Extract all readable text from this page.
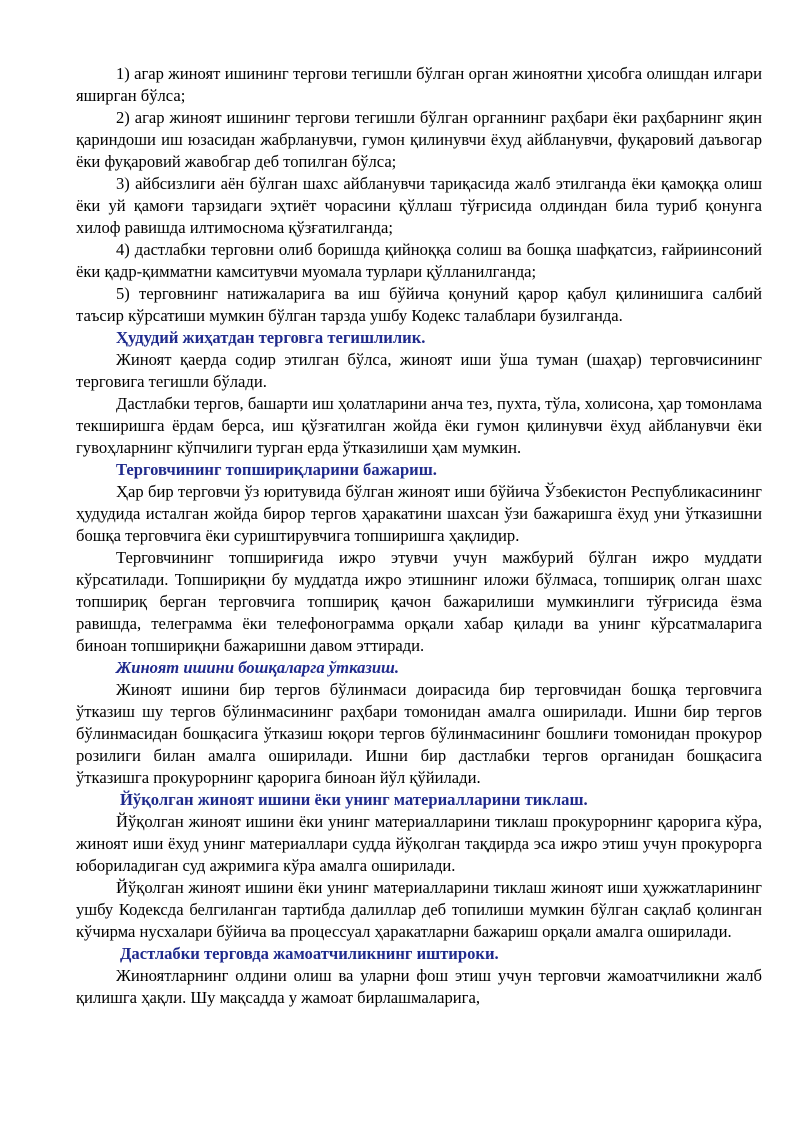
1) агар жиноят ишининг тергови тегишли бўлган орган жиноятни ҳисобга олишдан илгари яширган бўлса;

2) агар жиноят ишининг тергови тегишли бўлган органнинг раҳбари ёки раҳбарнинг яқин қариндоши иш юзасидан жабрланувчи, гумон қилинувчи ёхуд айбланувчи, фуқаровий даъвогар ёки фуқаровий жавобгар деб топилган бўлса;

3) айбсизлиги аён бўлган шахс айбланувчи тариқасида жалб этилганда ёки қамоққа олиш ёки уй қамоғи тарзидаги эҳтиёт чорасини қўллаш тўғрисида олдиндан била туриб қонунга хилоф равишда илтимоснома қўзғатилганда;

4) дастлабки терговни олиб боришда қийноққа солиш ва бошқа шафқатсиз, ғайриинсоний ёки қадр-қимматни камситувчи муомала турлари қўлланилганда;

5) терговнинг натижаларига ва иш бўйича қонуний қарор қабул қилинишига салбий таъсир кўрсатиши мумкин бўлган тарзда ушбу Кодекс талаблари бузилганда.

Ҳудудий жиҳатдан терговга тегишлилик.

Жиноят қаерда содир этилган бўлса, жиноят иши ўша туман (шаҳар) терговчисининг терговига тегишли бўлади.

Дастлабки тергов, башарти иш ҳолатларини анча тез, пухта, тўла, холисона, ҳар томонлама текширишга ёрдам берса, иш қўзғатилган жойда ёки гумон қилинувчи ёхуд айбланувчи ёки гувоҳларнинг кўпчилиги турган ерда ўтказилиши ҳам мумкин.

Терговчининг топшириқларини бажариш.

Ҳар бир терговчи ўз юритувида бўлган жиноят иши бўйича Ўзбекистон Республикасининг ҳудудида исталган жойда бирор тергов ҳаракатини шахсан ўзи бажаришга ёхуд уни ўтказишни бошқа терговчига ёки суриштирувчига топширишга ҳақлидир.

Терговчининг топшириғида ижро этувчи учун мажбурий бўлган ижро муддати кўрсатилади. Топшириқни бу муддатда ижро этишнинг иложи бўлмаса, топшириқ олган шахс топшириқ берган терговчига топшириқ қачон бажарилиши мумкинлиги тўғрисида ёзма равишда, телеграмма ёки телефонограмма орқали хабар қилади ва унинг кўрсатмаларига биноан топшириқни бажаришни давом эттиради.

Жиноят ишини бошқаларга ўтказиш.

Жиноят ишини бир тергов бўлинмаси доирасида бир терговчидан бошқа терговчига ўтказиш шу тергов бўлинмасининг раҳбари томонидан амалга оширилади. Ишни бир тергов бўлинмасидан бошқасига ўтказиш юқори тергов бўлинмасининг бошлиғи томонидан прокурор розилиги билан амалга оширилади. Ишни бир дастлабки тергов органидан бошқасига ўтказишга прокурорнинг қарорига биноан йўл қўйилади.

Йўқолган жиноят ишини ёки унинг материалларини тиклаш.

Йўқолган жиноят ишини ёки унинг материалларини тиклаш прокурорнинг қарорига кўра, жиноят иши ёхуд унинг материаллари судда йўқолган тақдирда эса ижро этиш учун прокурорга юбориладиган суд ажримига кўра амалга оширилади.

Йўқолган жиноят ишини ёки унинг материалларини тиклаш жиноят иши ҳужжатларининг ушбу Кодексда белгиланган тартибда далиллар деб топилиши мумкин бўлган сақлаб қолинган кўчирма нусхалари бўйича ва процессуал ҳаракатларни бажариш орқали амалга оширилади.

Дастлабки терговда жамоатчиликнинг иштироки.

Жиноятларнинг олдини олиш ва уларни фош этиш учун терговчи жамоатчиликни жалб қилишга ҳақли. Шу мақсадда у жамоат бирлашмаларига,
